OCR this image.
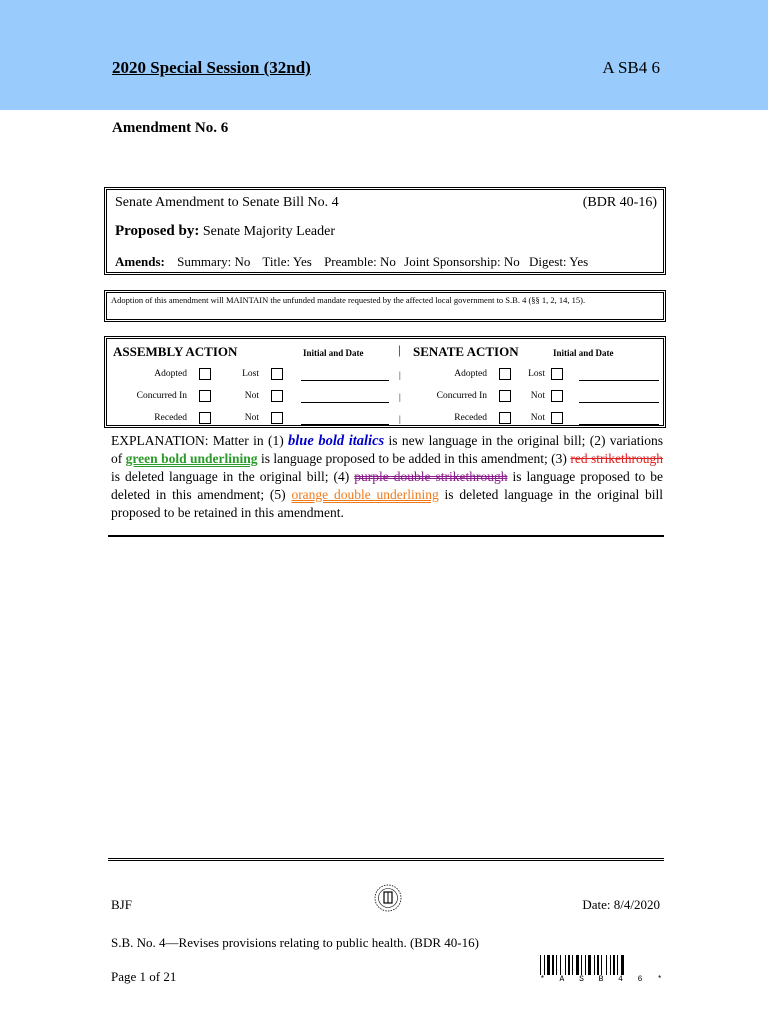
2020 Special Session (32nd)	A SB4 6
Amendment No. 6
Senate Amendment to Senate Bill No. 4	(BDR 40-16)
Proposed by: Senate Majority Leader
Amends: Summary: No Title: Yes Preamble: No Joint Sponsorship: No Digest: Yes
Adoption of this amendment will MAINTAIN the unfunded mandate requested by the affected local government to S.B. 4 (§§ 1, 2, 14, 15).
ASSEMBLY ACTION	Initial and Date	| SENATE ACTION	Initial and Date
Adopted	Lost	|	Adopted	Lost
Concurred In	Not	|	Concurred In	Not
Receded	Not	|	Receded	Not
EXPLANATION: Matter in (1) blue bold italics is new language in the original bill; (2) variations of green bold underlining is language proposed to be added in this amendment; (3) red strikethrough is deleted language in the original bill; (4) purple double strikethrough is language proposed to be deleted in this amendment; (5) orange double underlining is deleted language in the original bill proposed to be retained in this amendment.
BJF	Date: 8/4/2020
S.B. No. 4—Revises provisions relating to public health. (BDR 40-16)
Page 1 of 21	* A S B 4 6 *
